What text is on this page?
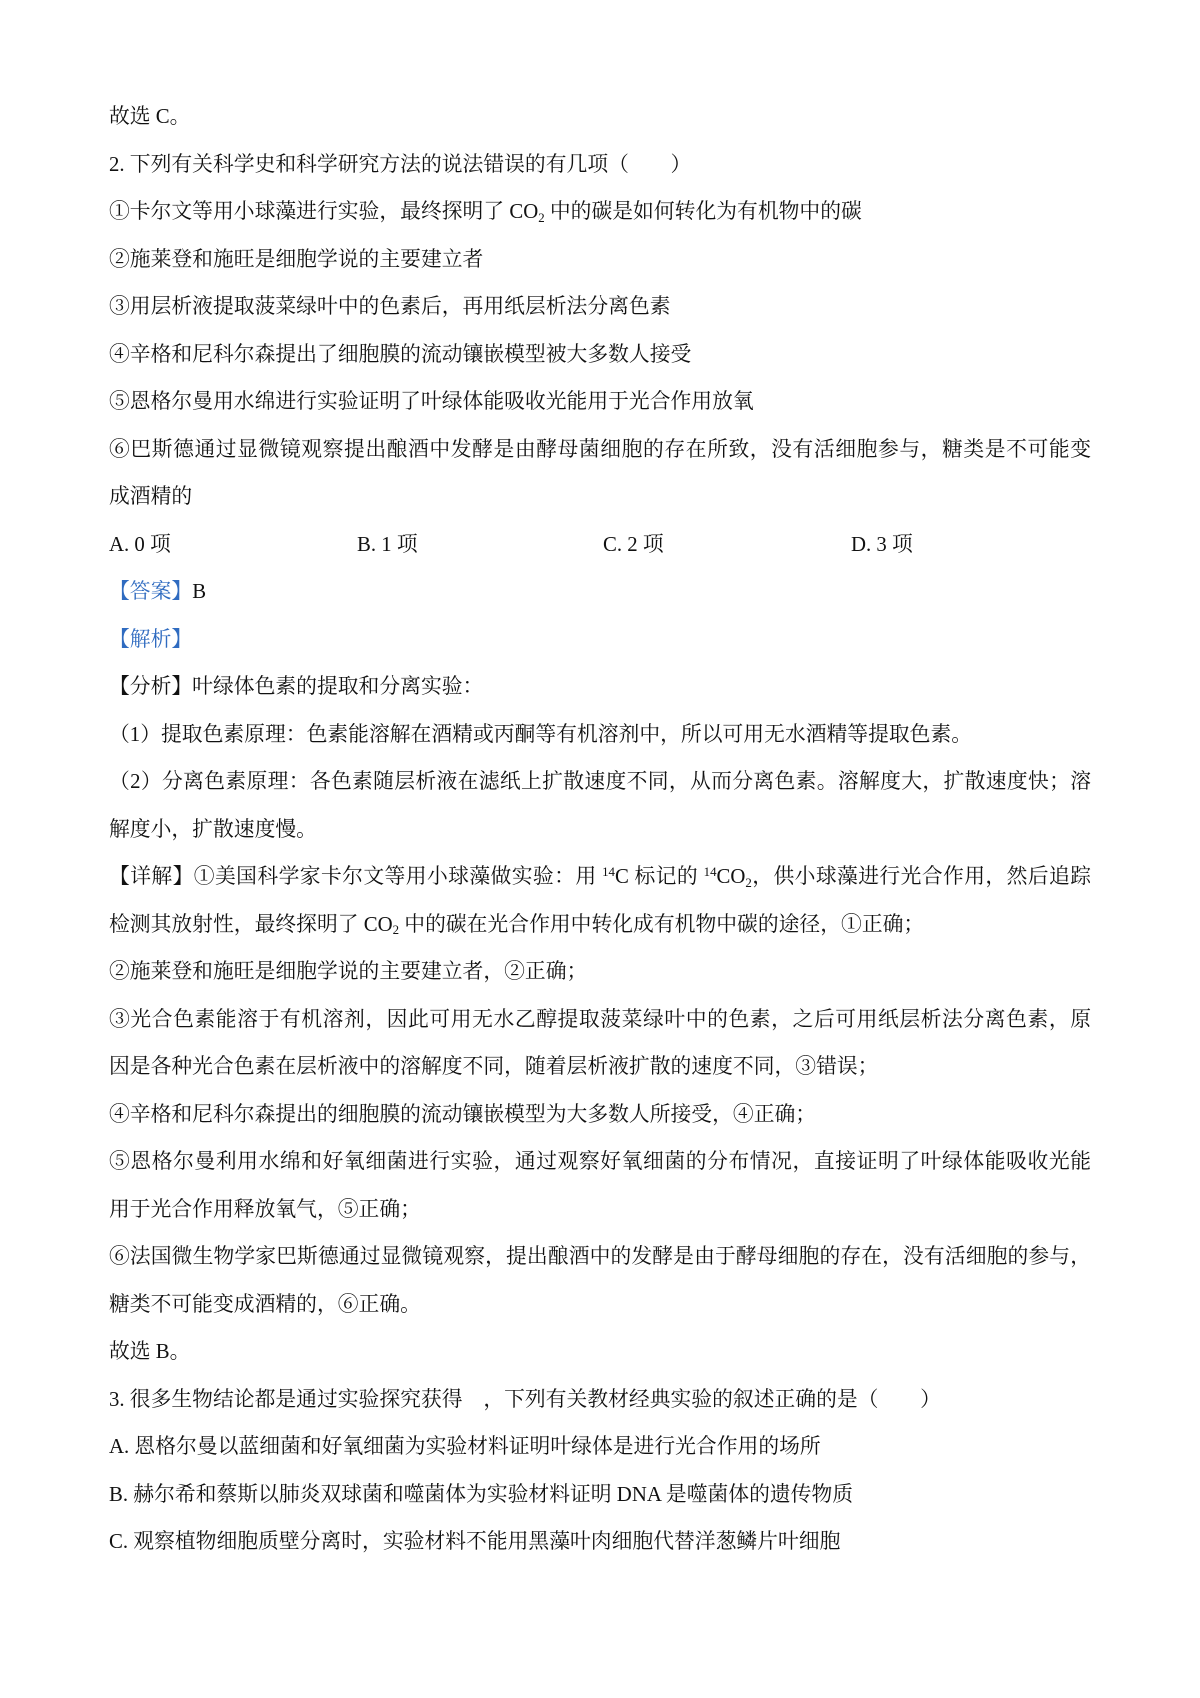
故选 C。
2. 下列有关科学史和科学研究方法的说法错误的有几项（　　）
①卡尔文等用小球藻进行实验，最终探明了 $CO_2$ 中的碳是如何转化为有机物中的碳
②施莱登和施旺是细胞学说的主要建立者
③用层析液提取菠菜绿叶中的色素后，再用纸层析法分离色素
④辛格和尼科尔森提出了细胞膜的流动镶嵌模型被大多数人接受
⑤恩格尔曼用水绵进行实验证明了叶绿体能吸收光能用于光合作用放氧
⑥巴斯德通过显微镜观察提出酿酒中发酵是由酵母菌细胞的存在所致，没有活细胞参与，糖类是不可能变
成酒精的
A. 0 项	B. 1 项	C. 2 项	D. 3 项
【答案】B
【解析】
【分析】叶绿体色素的提取和分离实验：
（1）提取色素原理：色素能溶解在酒精或丙酮等有机溶剂中，所以可用无水酒精等提取色素。
（2）分离色素原理：各色素随层析液在滤纸上扩散速度不同，从而分离色素。溶解度大，扩散速度快；溶
解度小，扩散速度慢。
【详解】①美国科学家卡尔文等用小球藻做实验：用 $^{14}$C 标记的 $^{14}CO_2$，供小球藻进行光合作用，然后追踪
检测其放射性，最终探明了 $CO_2$ 中的碳在光合作用中转化成有机物中碳的途径，①正确；
②施莱登和施旺是细胞学说的主要建立者，②正确；
③光合色素能溶于有机溶剂，因此可用无水乙醇提取菠菜绿叶中的色素，之后可用纸层析法分离色素，原
因是各种光合色素在层析液中的溶解度不同，随着层析液扩散的速度不同，③错误；
④辛格和尼科尔森提出的细胞膜的流动镶嵌模型为大多数人所接受，④正确；
⑤恩格尔曼利用水绵和好氧细菌进行实验，通过观察好氧细菌的分布情况，直接证明了叶绿体能吸收光能
用于光合作用释放氧气，⑤正确；
⑥法国微生物学家巴斯德通过显微镜观察，提出酿酒中的发酵是由于酵母细胞的存在，没有活细胞的参与，
糖类不可能变成酒精的，⑥正确。
故选 B。
3. 很多生物结论都是通过实验探究获得　，下列有关教材经典实验的叙述正确的是（　　）
A. 恩格尔曼以蓝细菌和好氧细菌为实验材料证明叶绿体是进行光合作用的场所
B. 赫尔希和蔡斯以肺炎双球菌和噬菌体为实验材料证明 DNA 是噬菌体的遗传物质
C. 观察植物细胞质壁分离时，实验材料不能用黑藻叶肉细胞代替洋葱鳞片叶细胞
